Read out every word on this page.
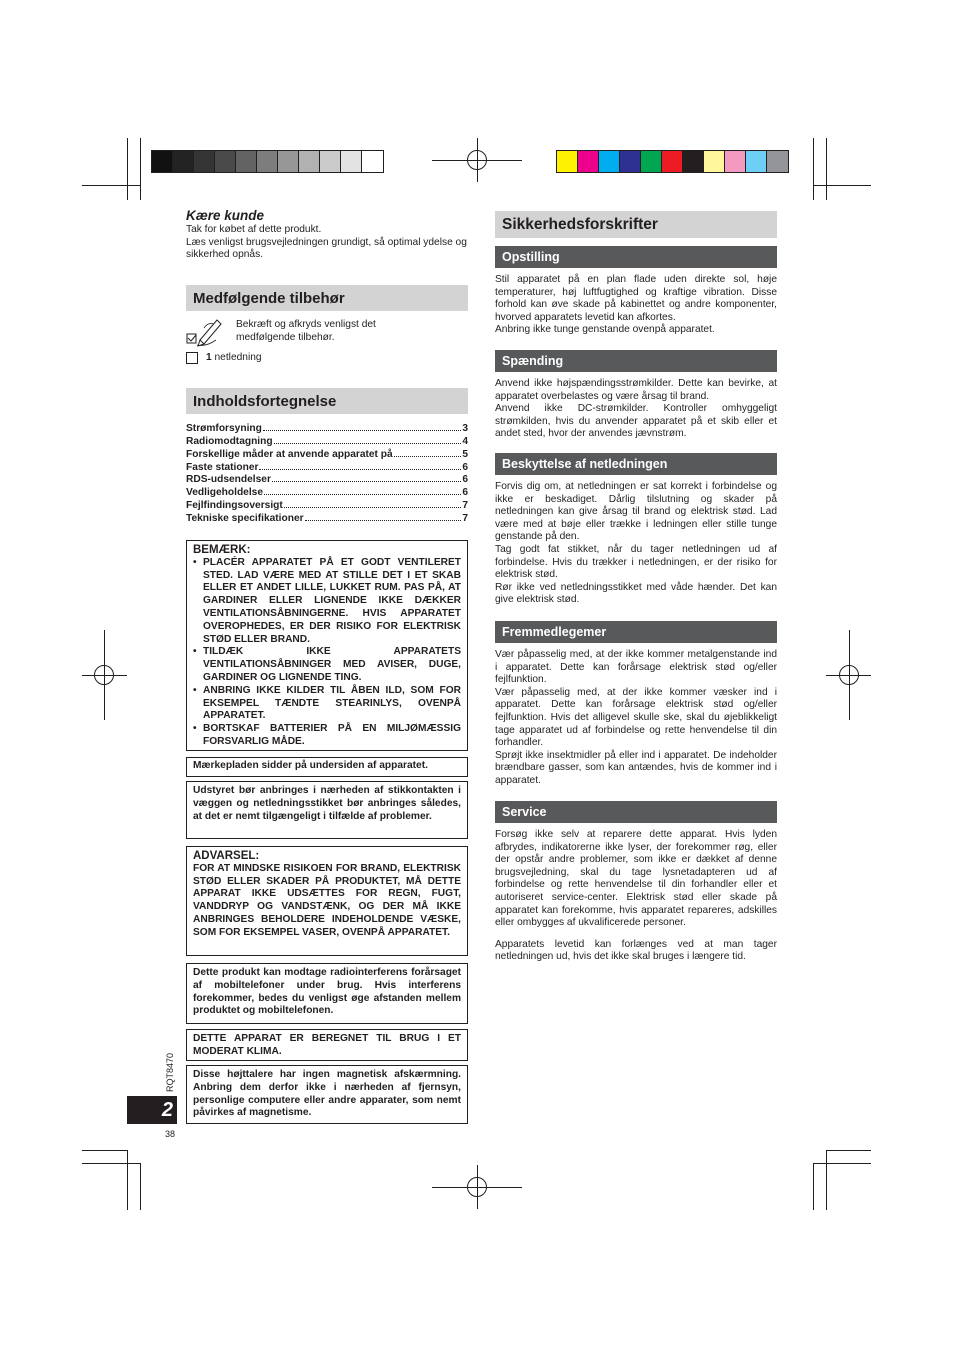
Kære kunde
Tak for købet af dette produkt.
Læs venligst brugsvejledningen grundigt, så optimal ydelse og sikkerhed opnås.
Medfølgende tilbehør
Bekræft og afkryds venligst det medfølgende tilbehør.
1
netledning
Indholdsfortegnelse
Strømforsyning	3
Radiomodtagning	4
Forskellige måder at anvende apparatet på	5
Faste stationer	6
RDS-udsendelser	6
Vedligeholdelse	6
Fejlfindingsoversigt	7
Tekniske specifikationer	7
BEMÆRK:
• PLACÉR APPARATET PÅ ET GODT VENTILERET STED. LAD VÆRE MED AT STILLE DET I ET SKAB ELLER ET ANDET LILLE, LUKKET RUM. PAS PÅ, AT GARDINER ELLER LIGNENDE IKKE DÆKKER VENTILATIONSÅBNINGERNE. HVIS APPARATET OVEROPHEDES, ER DER RISIKO FOR ELEKTRISK STØD ELLER BRAND.
• TILDÆK IKKE APPARATETS VENTILATIONSÅBNINGER MED AVISER, DUGE, GARDINER OG LIGNENDE TING.
• ANBRING IKKE KILDER TIL ÅBEN ILD, SOM FOR EKSEMPEL TÆNDTE STEARINLYS, OVENPÅ APPARATET.
• BORTSKAF BATTERIER PÅ EN MILJØMÆSSIG FORSVARLIG MÅDE.
Mærkepladen sidder på undersiden af apparatet.
Udstyret bør anbringes i nærheden af stikkontakten i væggen og netledningsstikket bør anbringes således, at det er nemt tilgængeligt i tilfælde af problemer.
ADVARSEL:
FOR AT MINDSKE RISIKOEN FOR BRAND, ELEKTRISK STØD ELLER SKADER PÅ PRODUKTET, MÅ DETTE APPARAT IKKE UDSÆTTES FOR REGN, FUGT, VANDDRYP OG VANDSTÆNK, OG DER MÅ IKKE ANBRINGES BEHOLDERE INDEHOLDENDE VÆSKE, SOM FOR EKSEMPEL VASER, OVENPÅ APPARATET.
Dette produkt kan modtage radiointerferens forårsaget af mobiltelefoner under brug. Hvis interferens forekommer, bedes du venligst øge afstanden mellem produktet og mobiltelefonen.
DETTE APPARAT ER BEREGNET TIL BRUG I ET MODERAT KLIMA.
Disse højttalere har ingen magnetisk afskærmning. Anbring dem derfor ikke i nærheden af fjernsyn, personlige computere eller andre apparater, som nemt påvirkes af magnetisme.
RQT8470
2
38
Sikkerhedsforskrifter
Opstilling
Stil apparatet på en plan flade uden direkte sol, høje temperaturer, høj luftfugtighed og kraftige vibration. Disse forhold kan øve skade på kabinettet og andre komponenter, hvorved apparatets levetid kan afkortes.
Anbring ikke tunge genstande ovenpå apparatet.
Spænding
Anvend ikke højspændingsstrømkilder. Dette kan bevirke, at apparatet overbelastes og være årsag til brand.
Anvend ikke DC-strømkilder. Kontroller omhyggeligt strømkilden, hvis du anvender apparatet på et skib eller et andet sted, hvor der anvendes jævnstrøm.
Beskyttelse af netledningen
Forvis dig om, at netledningen er sat korrekt i forbindelse og ikke er beskadiget. Dårlig tilslutning og skader på netledningen kan give årsag til brand og elektrisk stød. Lad være med at bøje eller trække i ledningen eller stille tunge genstande på den.
Tag godt fat stikket, når du tager netledningen ud af forbindelse. Hvis du trækker i netledningen, er der risiko for elektrisk stød.
Rør ikke ved netledningsstikket med våde hænder. Det kan give elektrisk stød.
Fremmedlegemer
Vær påpasselig med, at der ikke kommer metalgenstande ind i apparatet. Dette kan forårsage elektrisk stød og/eller fejlfunktion.
Vær påpasselig med, at der ikke kommer væsker ind i apparatet. Dette kan forårsage elektrisk stød og/eller fejlfunktion. Hvis det alligevel skulle ske, skal du øjeblikkeligt tage apparatet ud af forbindelse og rette henvendelse til din forhandler.
Sprøjt ikke insektmidler på eller ind i apparatet. De indeholder brændbare gasser, som kan antændes, hvis de kommer ind i apparatet.
Service
Forsøg ikke selv at reparere dette apparat. Hvis lyden afbrydes, indikatorerne ikke lyser, der forekommer røg, eller der opstår andre problemer, som ikke er dækket af denne brugsvejledning, skal du tage lysnetadapteren ud af forbindelse og rette henvendelse til din forhandler eller et autoriseret service-center. Elektrisk stød eller skade på apparatet kan forekomme, hvis apparatet repareres, adskilles eller ombygges af ukvalificerede personer.
Apparatets levetid kan forlænges ved at man tager netledningen ud, hvis det ikke skal bruges i længere tid.
